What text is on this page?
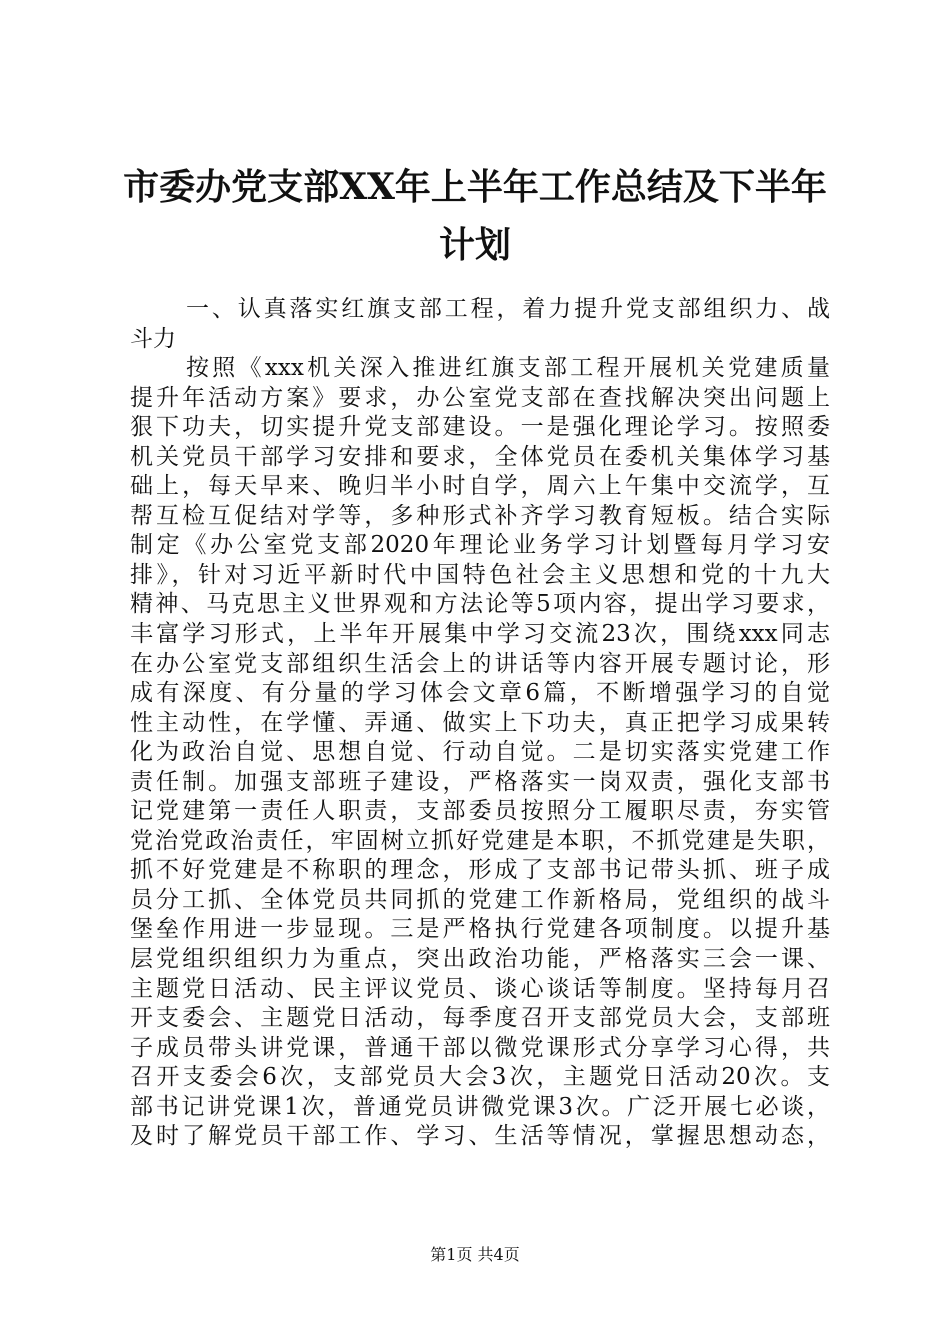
市委办党支部XX年上半年工作总结及下半年
计划
一、认真落实红旗支部工程，着力提升党支部组织力、战
斗力
按照《xxx机关深入推进红旗支部工程开展机关党建质量
提升年活动方案》要求，办公室党支部在查找解决突出问题上
狠下功夫，切实提升党支部建设。一是强化理论学习。按照委
机关党员干部学习安排和要求，全体党员在委机关集体学习基
础上，每天早来、晚归半小时自学，周六上午集中交流学，互
帮互检互促结对学等，多种形式补齐学习教育短板。结合实际
制定《办公室党支部2020年理论业务学习计划暨每月学习安
排》，针对习近平新时代中国特色社会主义思想和党的十九大
精神、马克思主义世界观和方法论等5项内容，提出学习要求，
丰富学习形式，上半年开展集中学习交流23次，围绕xxx同志
在办公室党支部组织生活会上的讲话等内容开展专题讨论，形
成有深度、有分量的学习体会文章6篇，不断增强学习的自觉
性主动性，在学懂、弄通、做实上下功夫，真正把学习成果转
化为政治自觉、思想自觉、行动自觉。二是切实落实党建工作
责任制。加强支部班子建设，严格落实一岗双责，强化支部书
记党建第一责任人职责，支部委员按照分工履职尽责，夯实管
党治党政治责任，牢固树立抓好党建是本职，不抓党建是失职，
抓不好党建是不称职的理念，形成了支部书记带头抓、班子成
员分工抓、全体党员共同抓的党建工作新格局，党组织的战斗
堡垒作用进一步显现。三是严格执行党建各项制度。以提升基
层党组织组织力为重点，突出政治功能，严格落实三会一课、
主题党日活动、民主评议党员、谈心谈话等制度。坚持每月召
开支委会、主题党日活动，每季度召开支部党员大会，支部班
子成员带头讲党课，普通干部以微党课形式分享学习心得，共
召开支委会6次，支部党员大会3次，主题党日活动20次。支
部书记讲党课1次，普通党员讲微党课3次。广泛开展七必谈，
及时了解党员干部工作、学习、生活等情况，掌握思想动态，
第1页 共4页
